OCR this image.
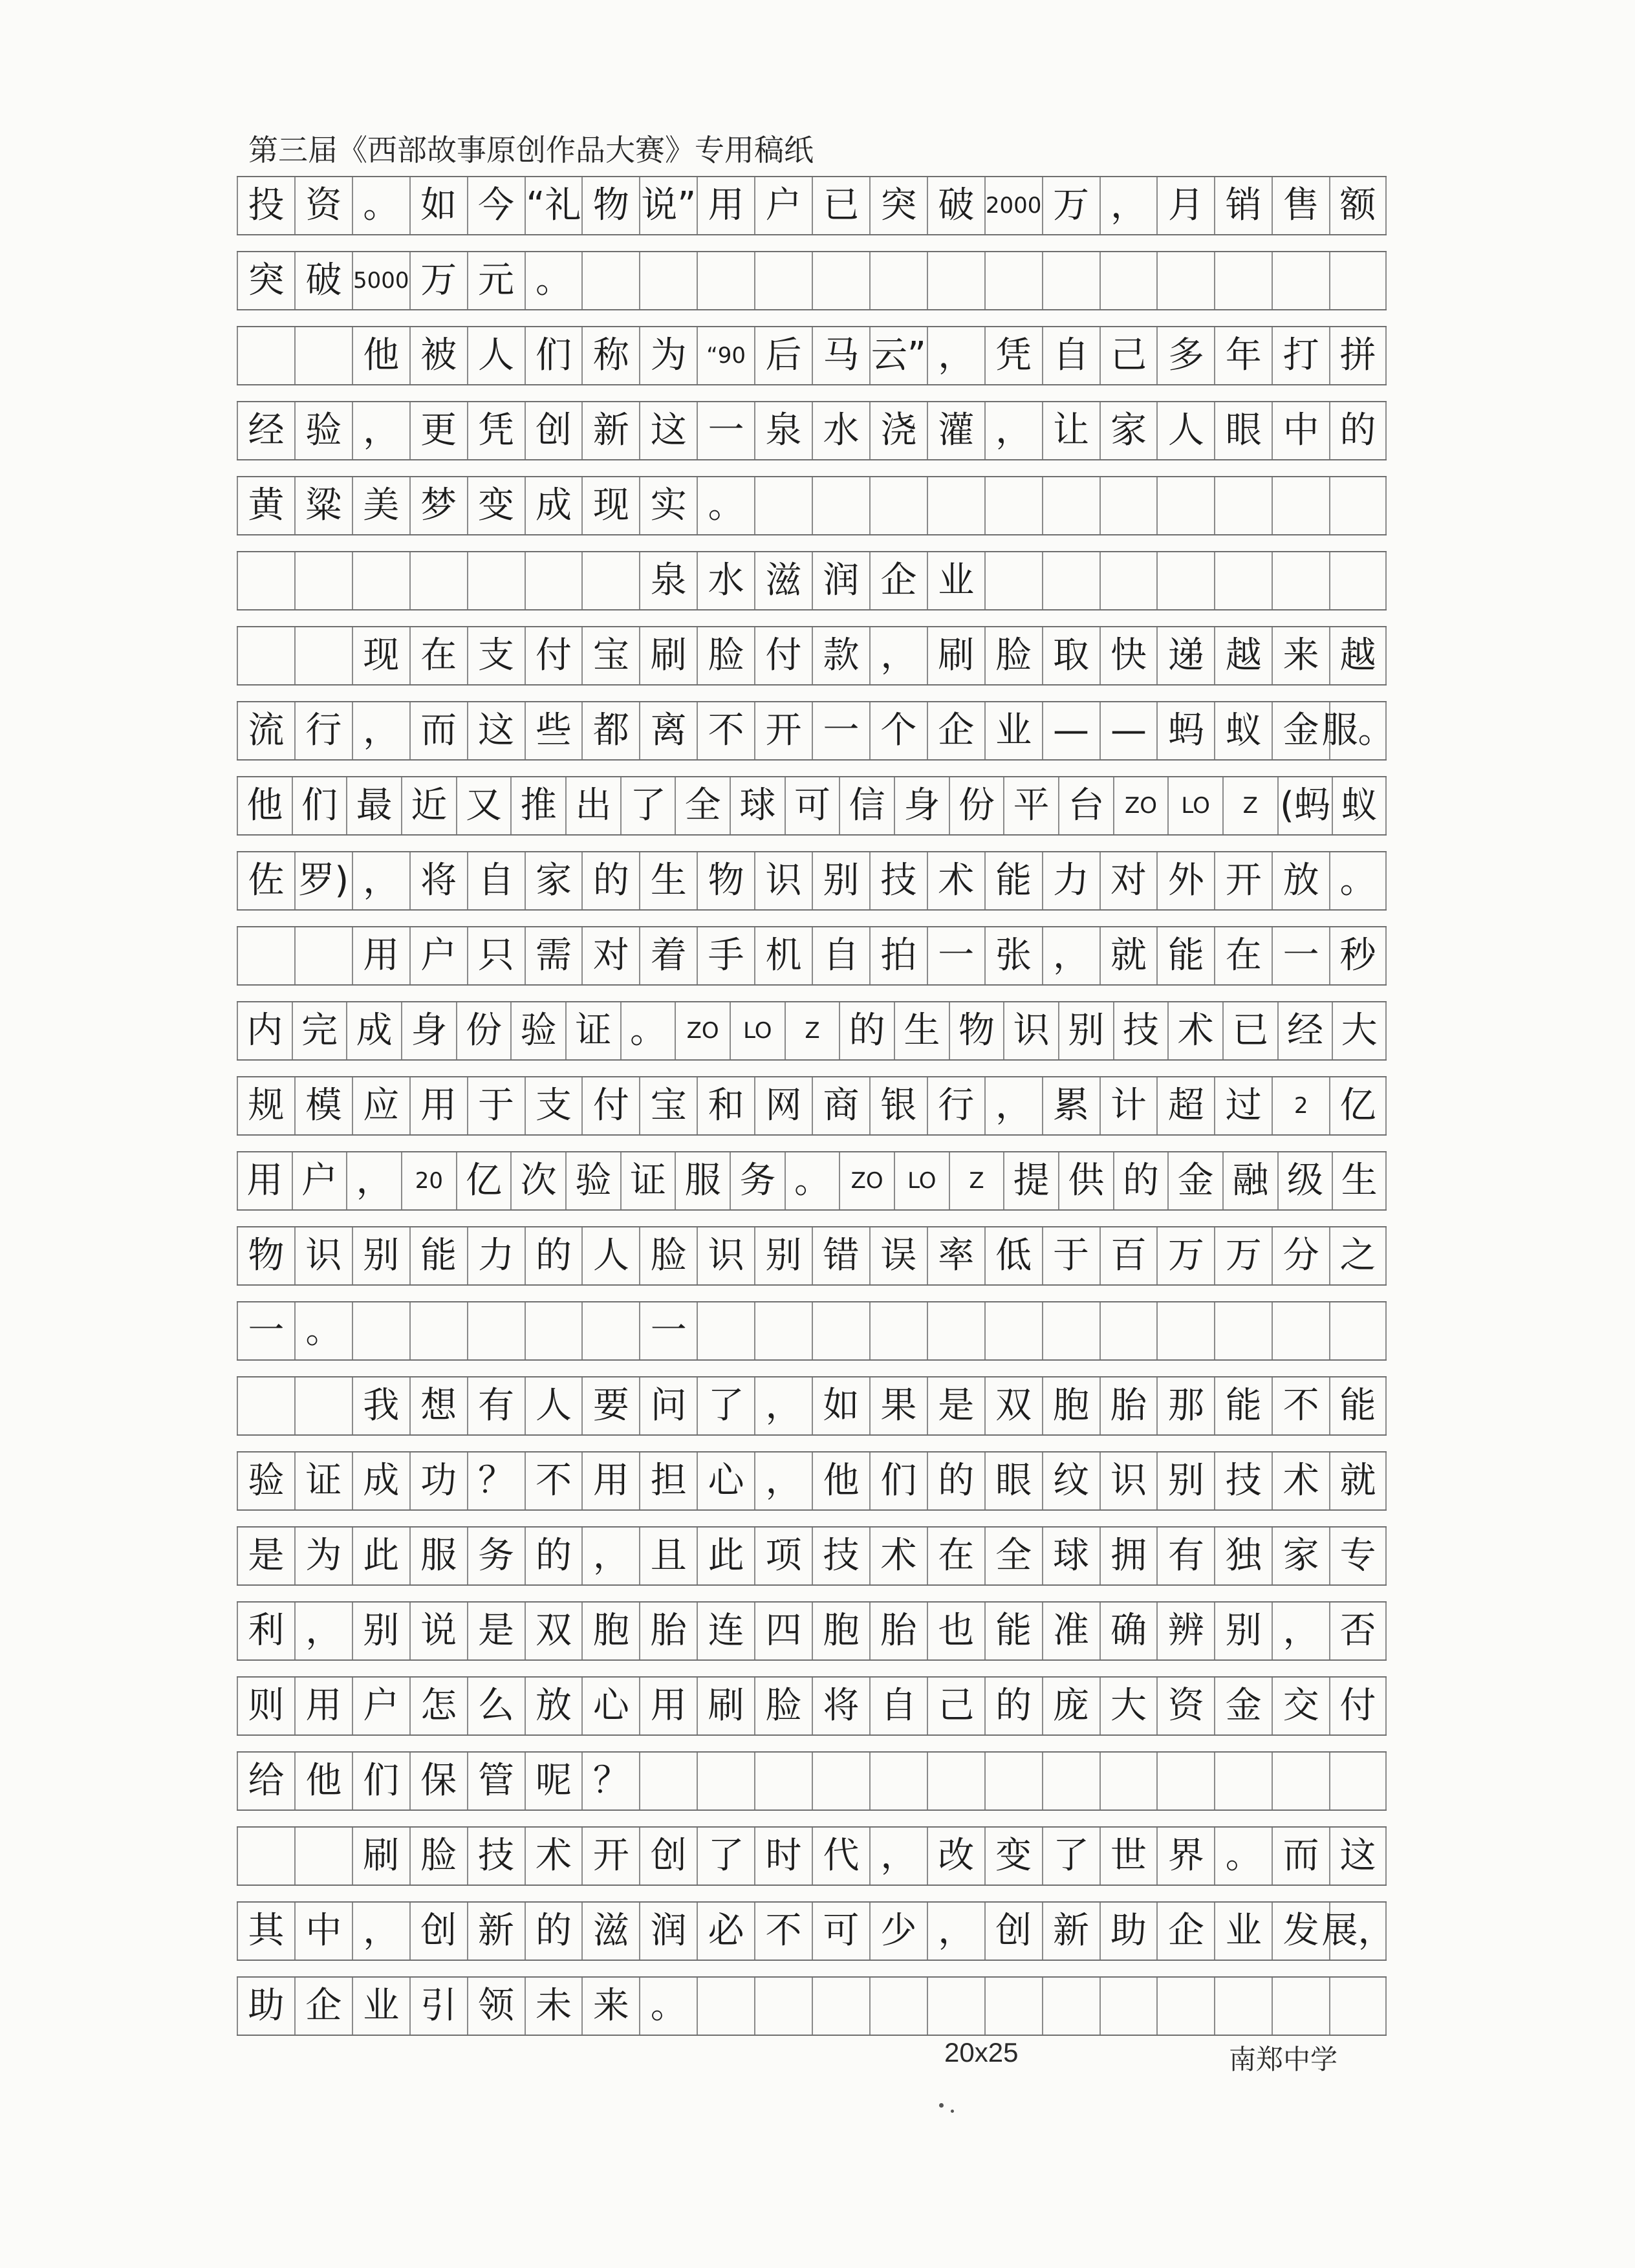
第三届《西部故事原创作品大赛》专用稿纸
投 资 。 如 今 “礼 物 说” 用 户 已 突 破 2000 万 ， 月 销 售 额
突 破 5000 万 元 。
他 被 人 们 称 为 “90 后 马 云” ， 凭 自 己 多 年 打 拼
经 验 ， 更 凭 创 新 这 一 泉 水 浇 灌 ， 让 家 人 眼 中 的
黄 粱 美 梦 变 成 现 实 。
泉 水 滋 润 企 业
现 在 支 付 宝 刷 脸 付 款 ， 刷 脸 取 快 递 越 来 越
流 行 ， 而 这 些 都 离 不 开 一 个 企 业 — — 蚂 蚁 金 服。
他 们 最 近 又 推 出 了 全 球 可 信 身 份 平 台 ZO	LO	Z (蚂 蚁
佐 罗) ， 将 自 家 的 生 物 识 别 技 术 能 力 对 外 开 放 。
用 户 只 需 对 着 手 机 自 拍 一 张 ， 就 能 在 一 秒
内 完 成 身 份 验 证 。 ZO	LO	Z 的 生 物 识 别 技 术 已 经 大
规 模 应 用 于 支 付 宝 和 网 商 银 行 ， 累 计 超 过	2 亿
用 户 ，	20 亿 次 验 证 服 务 。 ZO	LO	Z 提 供 的 金 融 级 生
物 识 别 能 力 的 人 脸 识 别 错 误 率 低 于 百 万 万 分 之
一 。	一
我 想 有 人 要 问 了 ， 如 果 是 双 胞 胎 那 能 不 能
验 证 成 功 ？ 不 用 担 心 ， 他 们 的 眼 纹 识 别 技 术 就
是 为 此 服 务 的 ， 且 此 项 技 术 在 全 球 拥 有 独 家 专
利 ， 别 说 是 双 胞 胎 连 四 胞 胎 也 能 准 确 辨 别 ， 否
则 用 户 怎 么 放 心 用 刷 脸 将 自 己 的 庞 大 资 金 交 付
给 他 们 保 管 呢 ？
刷 脸 技 术 开 创 了 时 代 ， 改 变 了 世 界 。 而 这
其 中 ， 创 新 的 滋 润 必 不 可 少 ， 创 新 助 企 业 发 展，
助 企 业 引 领 未 来 。
20x25	南郑中学
